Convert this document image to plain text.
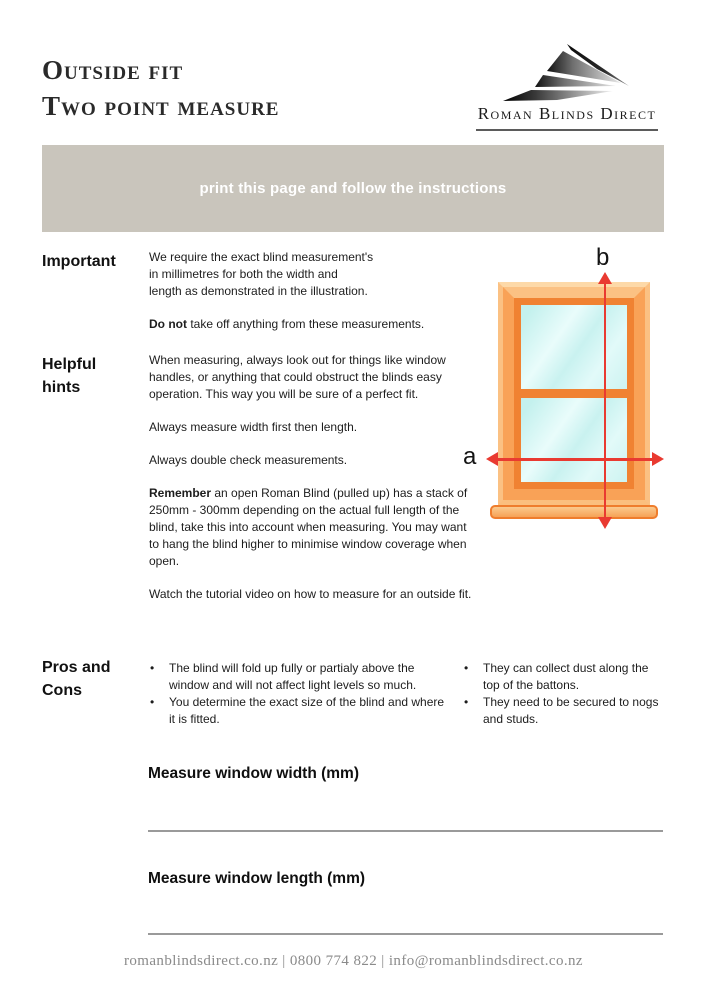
Outside fit
Two point measure	Roman Blinds Direct
print this page and follow the instructions
Important	We require the exact blind measurement's
in millimetres for both the width and
length as demonstrated in the illustration.

Do not take off anything from these measurements.

Helpful
hints

When measuring, always look out for things like window handles, or anything that could obstruct the blinds easy operation. This way you will be sure of a perfect fit.

Always measure width first then length.

Always double check measurements.

Remember an open Roman Blind (pulled up) has a stack of 250mm - 300mm depending on the actual full length of the blind, take this into account when measuring. You may want to hang the blind higher to minimise window coverage when open.

Watch the tutorial video on how to measure for an outside fit.

a
b
Pros and
Cons
• The blind will fold up fully or partialy above the window and will not affect light levels so much.
• You determine the exact size of the blind and where it is fitted.
• They can collect dust along the top of the battons.
• They need to be secured to nogs and studs.
Measure window width (mm)
Measure window length (mm)
romanblindsdirect.co.nz | 0800 774 822 | info@romanblindsdirect.co.nz
